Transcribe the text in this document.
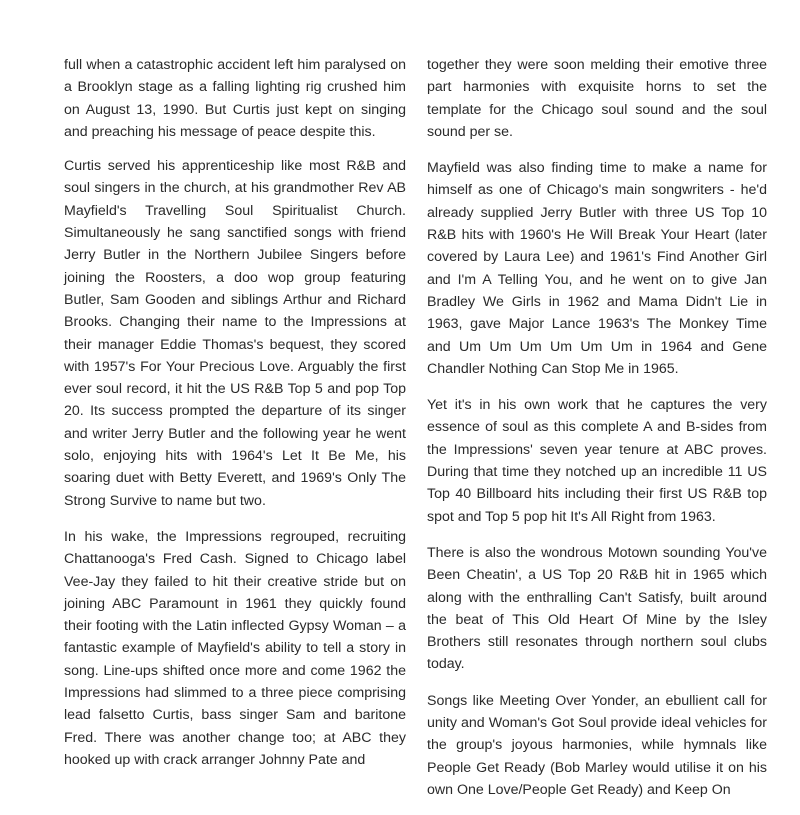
full when a catastrophic accident left him paralysed on a Brooklyn stage as a falling lighting rig crushed him on August 13, 1990. But Curtis just kept on singing and preaching his message of peace despite this.

Curtis served his apprenticeship like most R&B and soul singers in the church, at his grandmother Rev AB Mayfield's Travelling Soul Spiritualist Church. Simultaneously he sang sanctified songs with friend Jerry Butler in the Northern Jubilee Singers before joining the Roosters, a doo wop group featuring Butler, Sam Gooden and siblings Arthur and Richard Brooks. Changing their name to the Impressions at their manager Eddie Thomas's bequest, they scored with 1957's For Your Precious Love. Arguably the first ever soul record, it hit the US R&B Top 5 and pop Top 20. Its success prompted the departure of its singer and writer Jerry Butler and the following year he went solo, enjoying hits with 1964's Let It Be Me, his soaring duet with Betty Everett, and 1969's Only The Strong Survive to name but two.

In his wake, the Impressions regrouped, recruiting Chattanooga's Fred Cash. Signed to Chicago label Vee-Jay they failed to hit their creative stride but on joining ABC Paramount in 1961 they quickly found their footing with the Latin inflected Gypsy Woman – a fantastic example of Mayfield's ability to tell a story in song. Line-ups shifted once more and come 1962 the Impressions had slimmed to a three piece comprising lead falsetto Curtis, bass singer Sam and baritone Fred. There was another change too; at ABC they hooked up with crack arranger Johnny Pate and

together they were soon melding their emotive three part harmonies with exquisite horns to set the template for the Chicago soul sound and the soul sound per se.

Mayfield was also finding time to make a name for himself as one of Chicago's main songwriters - he'd already supplied Jerry Butler with three US Top 10 R&B hits with 1960's He Will Break Your Heart (later covered by Laura Lee) and 1961's Find Another Girl and I'm A Telling You, and he went on to give Jan Bradley We Girls in 1962 and Mama Didn't Lie in 1963, gave Major Lance 1963's The Monkey Time and Um Um Um Um Um Um in 1964 and Gene Chandler Nothing Can Stop Me in 1965.

Yet it's in his own work that he captures the very essence of soul as this complete A and B-sides from the Impressions' seven year tenure at ABC proves. During that time they notched up an incredible 11 US Top 40 Billboard hits including their first US R&B top spot and Top 5 pop hit It's All Right from 1963.

There is also the wondrous Motown sounding You've Been Cheatin', a US Top 20 R&B hit in 1965 which along with the enthralling Can't Satisfy, built around the beat of This Old Heart Of Mine by the Isley Brothers still resonates through northern soul clubs today.

Songs like Meeting Over Yonder, an ebullient call for unity and Woman's Got Soul provide ideal vehicles for the group's joyous harmonies, while hymnals like People Get Ready (Bob Marley would utilise it on his own One Love/People Get Ready) and Keep On
